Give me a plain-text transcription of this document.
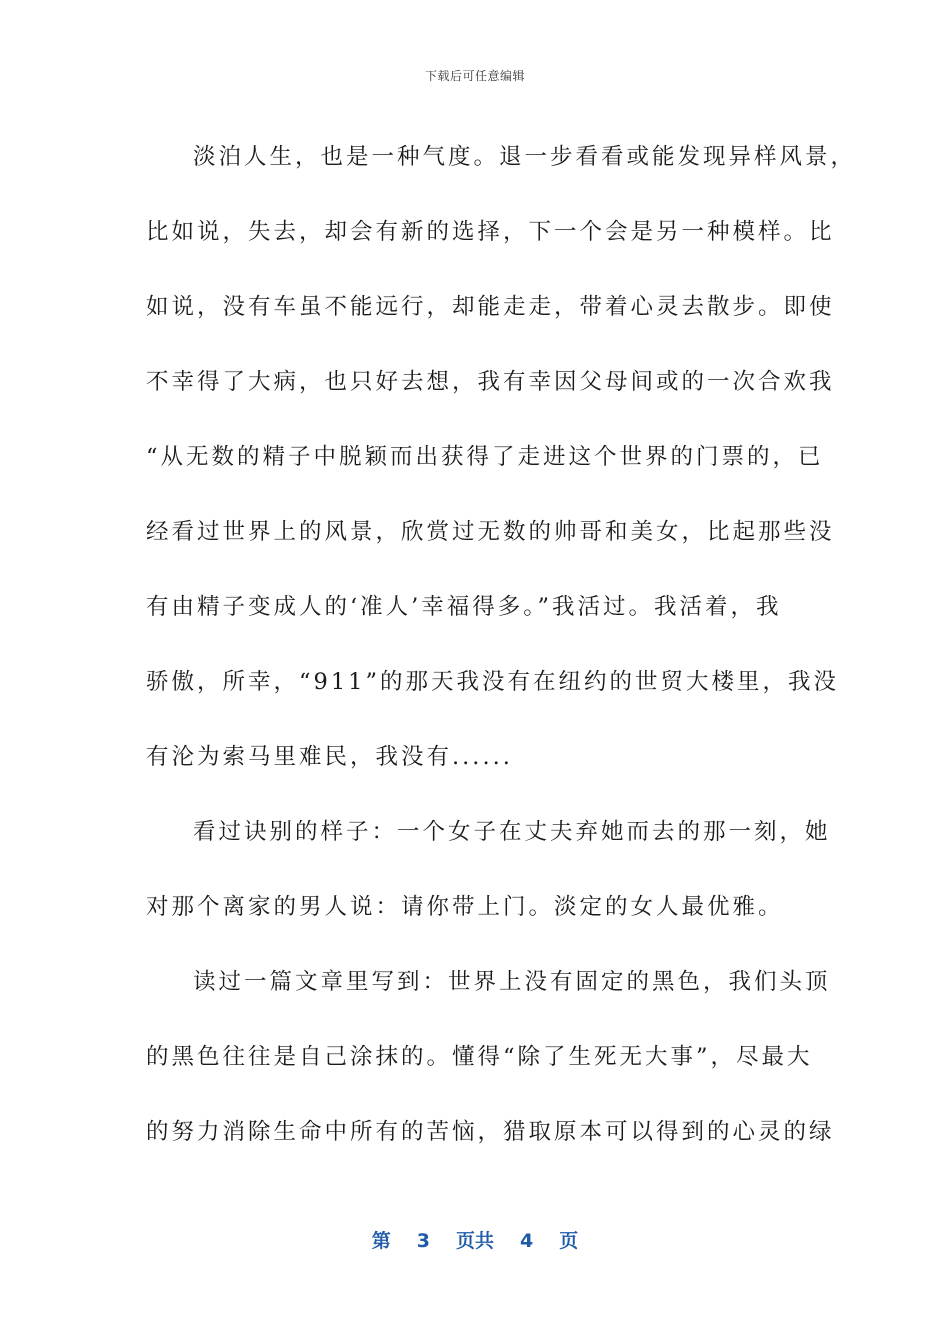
下载后可任意编辑
淡泊人生，也是一种气度。退一步看看或能发现异样风景，
比如说，失去，却会有新的选择，下一个会是另一种模样。比
如说，没有车虽不能远行，却能走走，带着心灵去散步。即使
不幸得了大病，也只好去想，我有幸因父母间或的一次合欢我
“从无数的精子中脱颖而出获得了走进这个世界的门票的，已
经看过世界上的风景，欣赏过无数的帅哥和美女，比起那些没
有由精子变成人的‘准人’幸福得多。”我活过。我活着，我
骄傲，所幸，“911”的那天我没有在纽约的世贸大楼里，我没
有沦为索马里难民，我没有......
看过诀别的样子：一个女子在丈夫弃她而去的那一刻，她
对那个离家的男人说：请你带上门。淡定的女人最优雅。
读过一篇文章里写到：世界上没有固定的黑色，我们头顶
的黑色往往是自己涂抹的。懂得“除了生死无大事”，尽最大
的努力消除生命中所有的苦恼，猎取原本可以得到的心灵的绿
第 3 页共 4 页
